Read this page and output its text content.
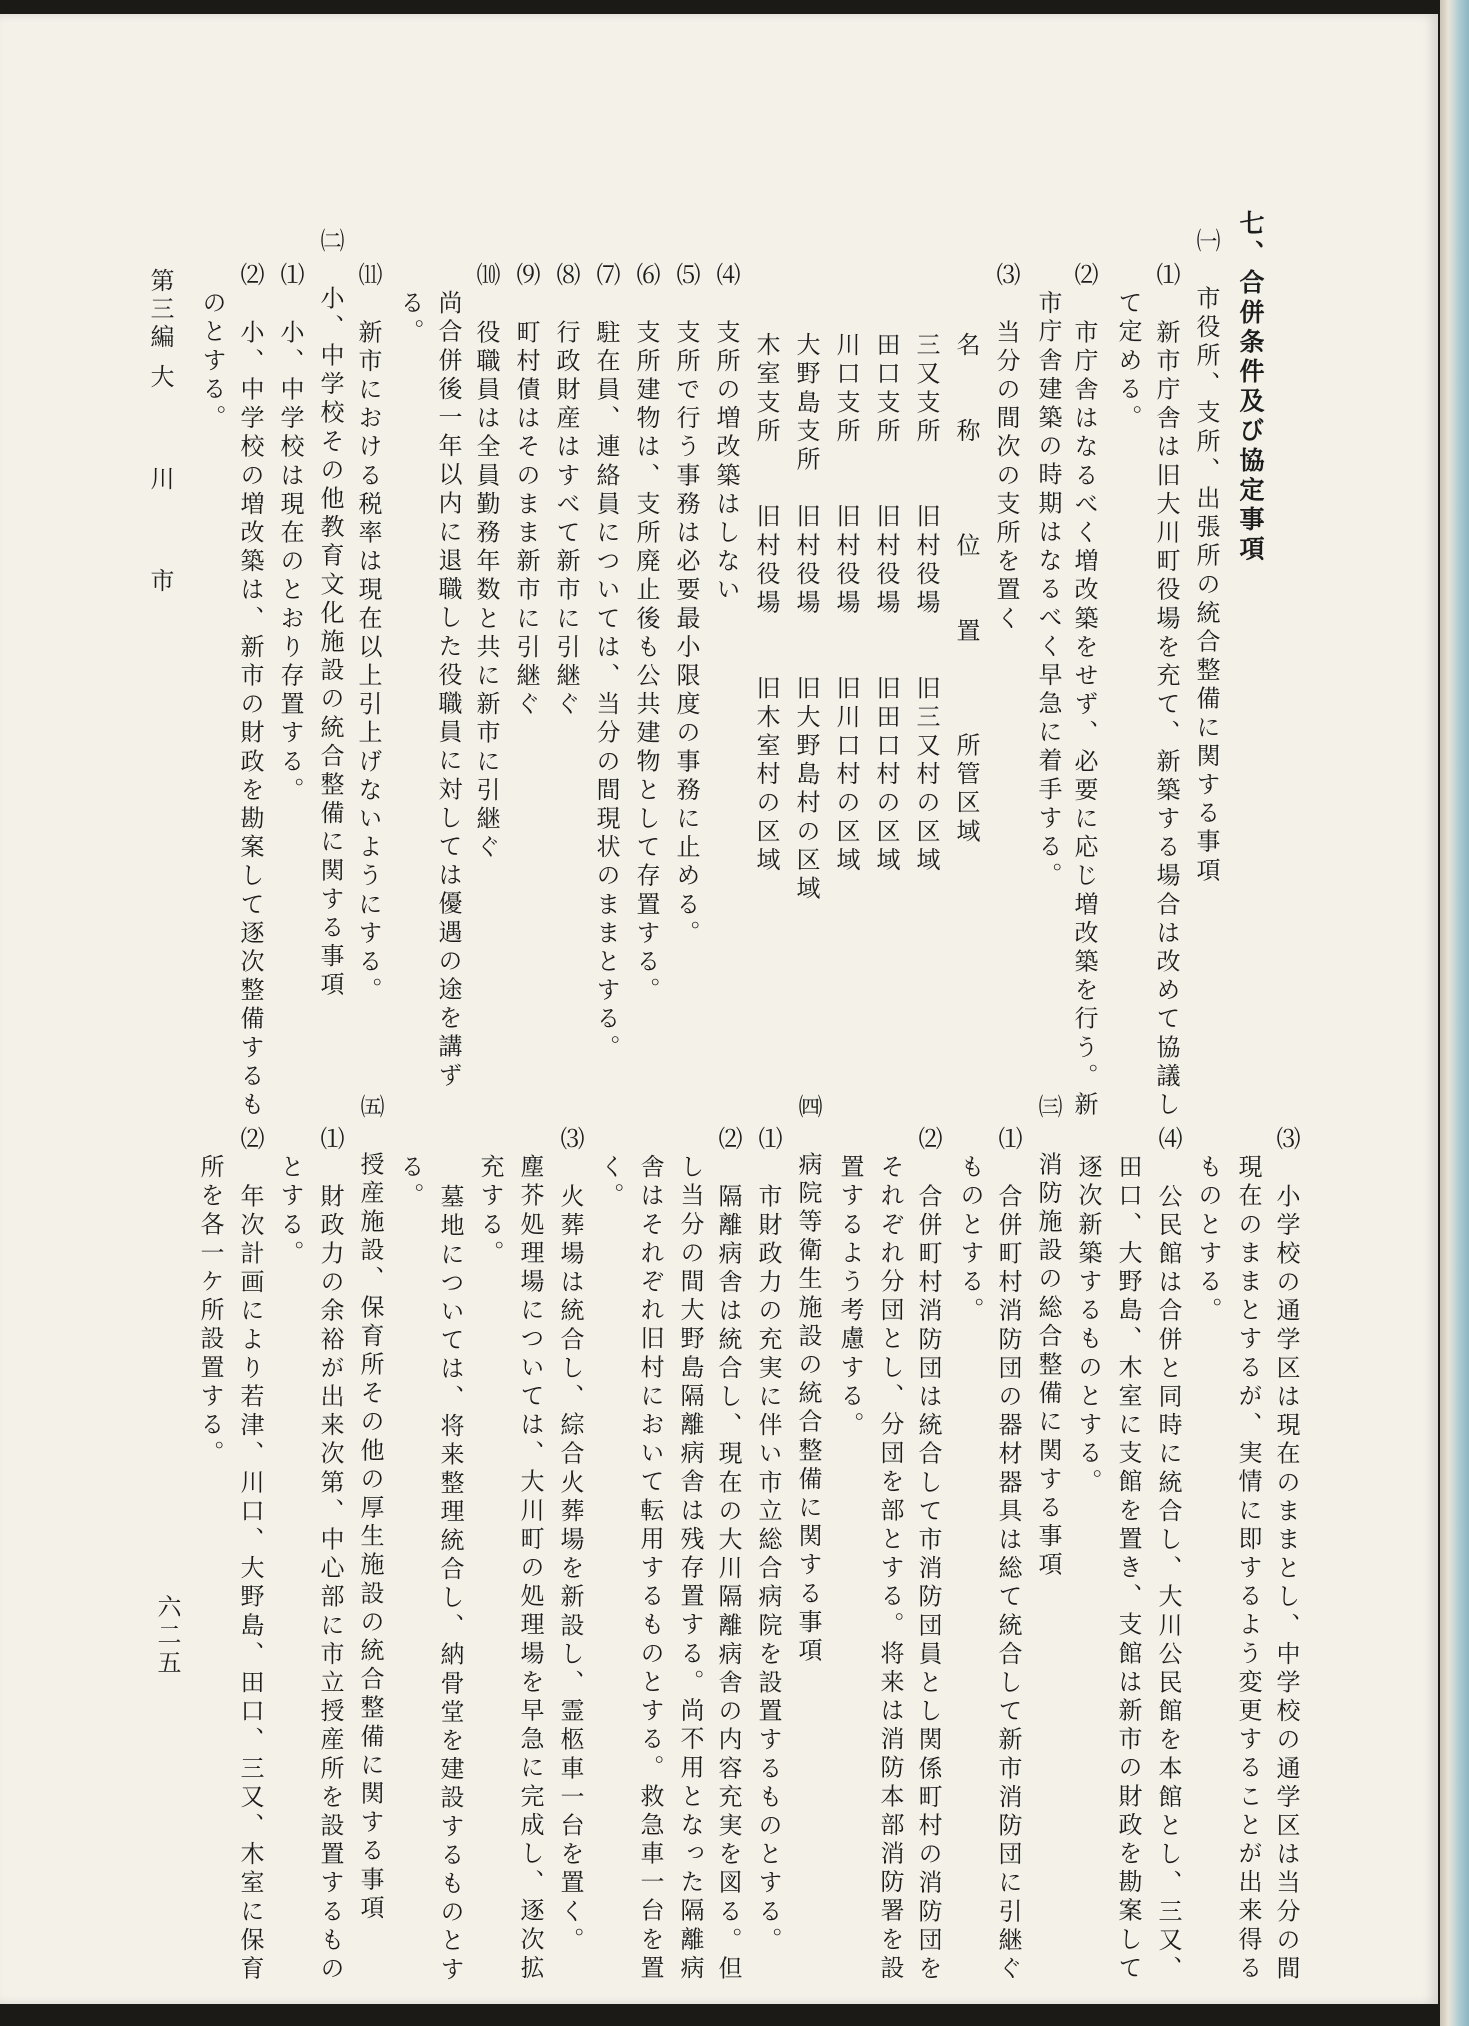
七、合併条件及び協定事項
㈠　市役所、支所、出張所の統合整備に関する事項
⑴　新市庁舎は旧大川町役場を充て、新築する場合は改めて協議し
て定める。
⑵　市庁舎はなるべく増改築をせず、必要に応じ増改築を行う。新
市庁舎建築の時期はなるべく早急に着手する。
⑶　当分の間次の支所を置く
名　　称　　　位　　置　　　所管区域
三又支所　　旧村役場　　旧三又村の区域
田口支所　　旧村役場　　旧田口村の区域
川口支所　　旧村役場　　旧川口村の区域
大野島支所　旧村役場　　旧大野島村の区域
木室支所　　旧村役場　　旧木室村の区域
⑷　支所の増改築はしない
⑸　支所で行う事務は必要最小限度の事務に止める。
⑹　支所建物は、支所廃止後も公共建物として存置する。
⑺　駐在員、連絡員については、当分の間現状のままとする。
⑻　行政財産はすべて新市に引継ぐ
⑼　町村債はそのまま新市に引継ぐ
⑽　役職員は全員勤務年数と共に新市に引継ぐ
尚合併後一年以内に退職した役職員に対しては優遇の途を講ず
る。
⑾　新市における税率は現在以上引上げないようにする。
㈡　小、中学校その他教育文化施設の統合整備に関する事項
⑴　小、中学校は現在のとおり存置する。
⑵　小、中学校の増改築は、新市の財政を勘案して逐次整備するも
のとする。
第三編
大　　川　　市
⑶　小学校の通学区は現在のままとし、中学校の通学区は当分の間
現在のままとするが、実情に即するよう変更することが出来得る
ものとする。
⑷　公民館は合併と同時に統合し、大川公民館を本館とし、三又、
田口、大野島、木室に支館を置き、支館は新市の財政を勘案して
逐次新築するものとする。
㈢　消防施設の総合整備に関する事項
⑴　合併町村消防団の器材器具は総て統合して新市消防団に引継ぐ
ものとする。
⑵　合併町村消防団は統合して市消防団員とし関係町村の消防団を
それぞれ分団とし、分団を部とする。将来は消防本部消防署を設
置するよう考慮する。
㈣　病院等衛生施設の統合整備に関する事項
⑴　市財政力の充実に伴い市立総合病院を設置するものとする。
⑵　隔離病舎は統合し、現在の大川隔離病舎の内容充実を図る。但
し当分の間大野島隔離病舎は残存置する。尚不用となった隔離病
舎はそれぞれ旧村において転用するものとする。救急車一台を置
く。
⑶　火葬場は統合し、綜合火葬場を新設し、霊柩車一台を置く。
塵芥処理場については、大川町の処理場を早急に完成し、逐次拡
充する。
墓地については、将来整理統合し、納骨堂を建設するものとす
る。
㈤　授産施設、保育所その他の厚生施設の統合整備に関する事項
⑴　財政力の余裕が出来次第、中心部に市立授産所を設置するもの
とする。
⑵　年次計画により若津、川口、大野島、田口、三又、木室に保育
所を各一ケ所設置する。
六二五
